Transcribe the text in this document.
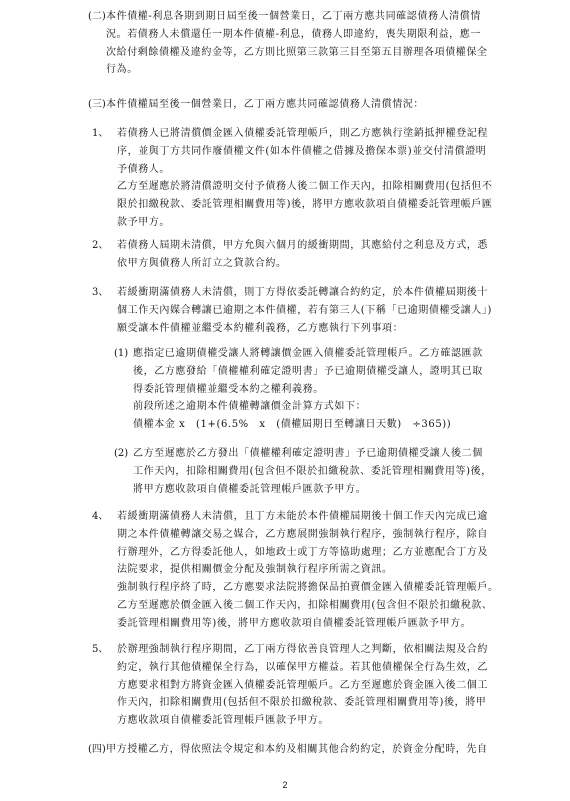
(二) 本件債權-利息各期到期日屆至後一個營業日，乙丁兩方應共同確認債務人清償情
況。若債務人未償還任一期本件債權-利息，債務人即違約，喪失期限利益，應一
次給付剩餘債權及違約金等，乙方則比照第三款第三目至第五目辦理各項債權保全
行為。
(三) 本件債權屆至後一個營業日，乙丁兩方應共同確認債務人清償情況：
1、 若債務人已將清償價金匯入債權委託管理帳戶，則乙方應執行塗銷抵押權登記程
序，並與丁方共同作廢債權文件(如本件債權之借據及擔保本票)並交付清償證明
予債務人。
乙方至遲應於將清償證明交付予債務人後二個工作天內，扣除相關費用(包括但不
限於扣繳稅款、委託管理相關費用等)後，將甲方應收款項自債權委託管理帳戶匯
款予甲方。
2、 若債務人屆期未清償，甲方允與六個月的緩衝期間，其應給付之利息及方式，悉
依甲方與債務人所訂立之貸款合約。
3、 若緩衝期滿債務人未清償，則丁方得依委託轉讓合約約定，於本件債權屆期後十
個工作天內媒合轉讓已逾期之本件債權，若有第三人(下稱「已逾期債權受讓人」)
願受讓本件債權並繼受本約權利義務，乙方應執行下列事項：
(1) 應指定已逾期債權受讓人將轉讓價金匯入債權委託管理帳戶。乙方確認匯款
後，乙方應發給「債權權利確定證明書」予已逾期債權受讓人，證明其已取
得委託管理債權並繼受本約之權利義務。
前段所述之逾期本件債權轉讓價金計算方式如下：
債權本金 x　(1+(6.5%　x　(債權屆期日至轉讓日天數)　÷365))
(2) 乙方至遲應於乙方發出「債權權利確定證明書」予已逾期債權受讓人後二個
工作天內，扣除相關費用(包含但不限於扣繳稅款、委託管理相關費用等)後，
將甲方應收款項自債權委託管理帳戶匯款予甲方。
4、 若緩衝期滿債務人未清償，且丁方未能於本件債權屆期後十個工作天內完成已逾
期之本件債權轉讓交易之媒合，乙方應展開強制執行程序，強制執行程序，除自
行辦理外，乙方得委託他人，如地政士或丁方等協助處理；乙方並應配合丁方及
法院要求，提供相關價金分配及強制執行程序所需之資訊。
強制執行程序終了時，乙方應要求法院將擔保品拍賣價金匯入債權委託管理帳戶。
乙方至遲應於價金匯入後二個工作天內，扣除相關費用(包含但不限於扣繳稅款、
委託管理相關費用等)後，將甲方應收款項自債權委託管理帳戶匯款予甲方。
5、 於辦理強制執行程序期間，乙丁兩方得依善良管理人之判斷，依相關法規及合約
約定，執行其他債權保全行為，以確保甲方權益。若其他債權保全行為生效，乙
方應要求相對方將資金匯入債權委託管理帳戶。乙方至遲應於資金匯入後二個工
作天內，扣除相關費用(包括但不限於扣繳稅款、委託管理相關費用等)後，將甲
方應收款項自債權委託管理帳戶匯款予甲方。
(四) 甲方授權乙方，得依照法令規定和本約及相關其他合約約定，於資金分配時，先自
2
